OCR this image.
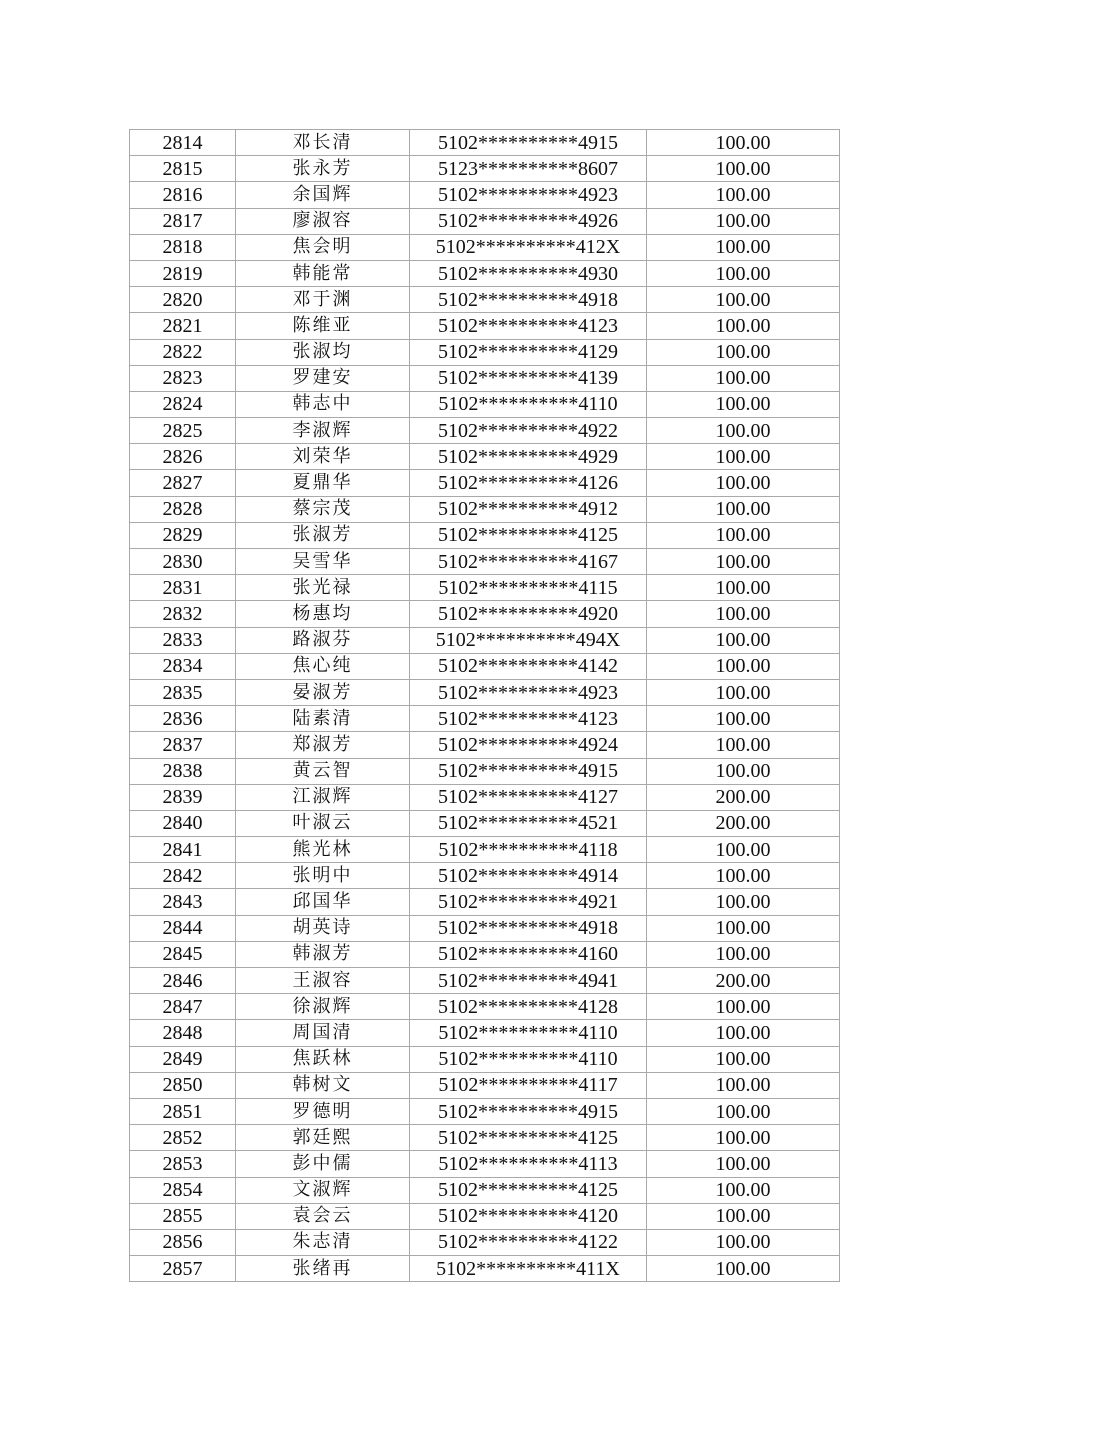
2814	邓长清	5102**********4915	100.00
2815	张永芳	5123**********8607	100.00
2816	余国辉	5102**********4923	100.00
2817	廖淑容	5102**********4926	100.00
2818	焦会明	5102**********412X	100.00
2819	韩能常	5102**********4930	100.00
2820	邓于渊	5102**********4918	100.00
2821	陈维亚	5102**********4123	100.00
2822	张淑均	5102**********4129	100.00
2823	罗建安	5102**********4139	100.00
2824	韩志中	5102**********4110	100.00
2825	李淑辉	5102**********4922	100.00
2826	刘荣华	5102**********4929	100.00
2827	夏鼎华	5102**********4126	100.00
2828	蔡宗茂	5102**********4912	100.00
2829	张淑芳	5102**********4125	100.00
2830	吴雪华	5102**********4167	100.00
2831	张光禄	5102**********4115	100.00
2832	杨惠均	5102**********4920	100.00
2833	路淑芬	5102**********494X	100.00
2834	焦心纯	5102**********4142	100.00
2835	晏淑芳	5102**********4923	100.00
2836	陆素清	5102**********4123	100.00
2837	郑淑芳	5102**********4924	100.00
2838	黄云智	5102**********4915	100.00
2839	江淑辉	5102**********4127	200.00
2840	叶淑云	5102**********4521	200.00
2841	熊光林	5102**********4118	100.00
2842	张明中	5102**********4914	100.00
2843	邱国华	5102**********4921	100.00
2844	胡英诗	5102**********4918	100.00
2845	韩淑芳	5102**********4160	100.00
2846	王淑容	5102**********4941	200.00
2847	徐淑辉	5102**********4128	100.00
2848	周国清	5102**********4110	100.00
2849	焦跃林	5102**********4110	100.00
2850	韩树文	5102**********4117	100.00
2851	罗德明	5102**********4915	100.00
2852	郭廷熙	5102**********4125	100.00
2853	彭中儒	5102**********4113	100.00
2854	文淑辉	5102**********4125	100.00
2855	袁会云	5102**********4120	100.00
2856	朱志清	5102**********4122	100.00
2857	张绪再	5102**********411X	100.00
